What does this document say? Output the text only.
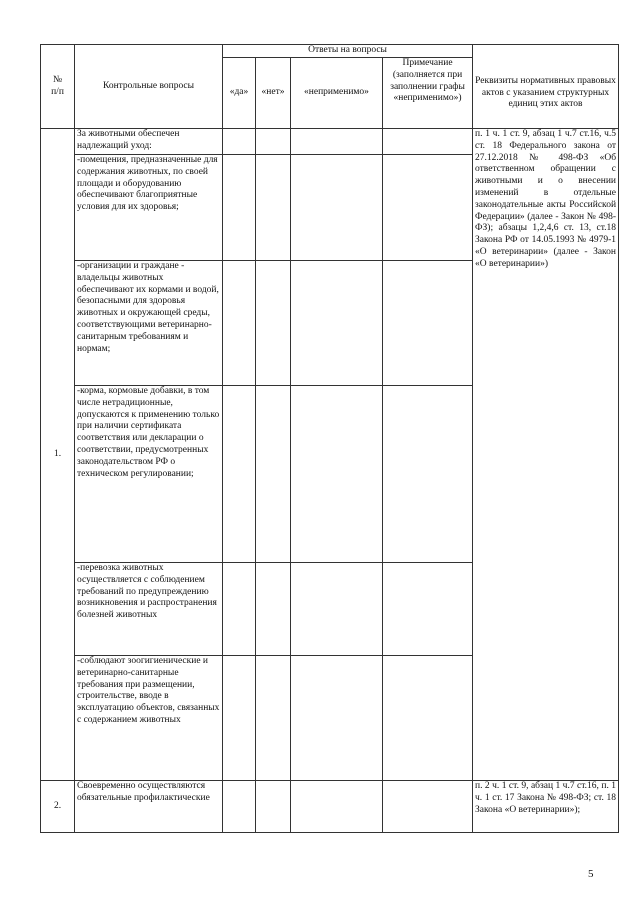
№
п/п	Контрольные вопросы	Ответы на вопросы				Реквизиты нормативных правовых актов с указанием структурных единиц этих актов
		«да»	«нет»	«неприменимо»	Примечание (заполняется при заполнении графы «неприменимо»)	
1.	За животными обеспечен надлежащий уход:					п. 1 ч. 1 ст. 9, абзац 1 ч.7 ст.16, ч.5 ст. 18 Федерального закона от 27.12.2018 № 498-ФЗ «Об ответственном обращении с животными и о внесении изменений в отдельные законодательные акты Российской Федерации» (далее - Закон № 498-ФЗ); абзацы 1,2,4,6 ст. 13, ст.18 Закона РФ от 14.05.1993 № 4979-1 «О ветеринарии» (далее - Закон «О ветеринарии»)
	-помещения, предназначенные для содержания животных, по своей площади и оборудованию обеспечивают благоприятные условия для их здоровья;					
	-организации и граждане - владельцы животных обеспечивают их кормами и водой, безопасными для здоровья животных и окружающей среды, соответствующими ветеринарно-санитарным требованиям и нормам;					
	-корма, кормовые добавки, в том числе нетрадиционные, допускаются к применению только при наличии сертификата соответствия или декларации о соответствии, предусмотренных законодательством РФ о техническом регулировании;					
	-перевозка животных осуществляется с соблюдением требований по предупреждению возникновения и распространения болезней животных					
	-соблюдают зоогигиенические и ветеринарно-санитарные требования при размещении, строительстве, вводе в эксплуатацию объектов, связанных с содержанием животных					
2.	Своевременно осуществляются обязательные профилактические					п. 2 ч. 1 ст. 9, абзац 1 ч.7 ст.16, п. 1 ч. 1 ст. 17 Закона № 498-ФЗ; ст. 18 Закона «О ветеринарии»);
5
